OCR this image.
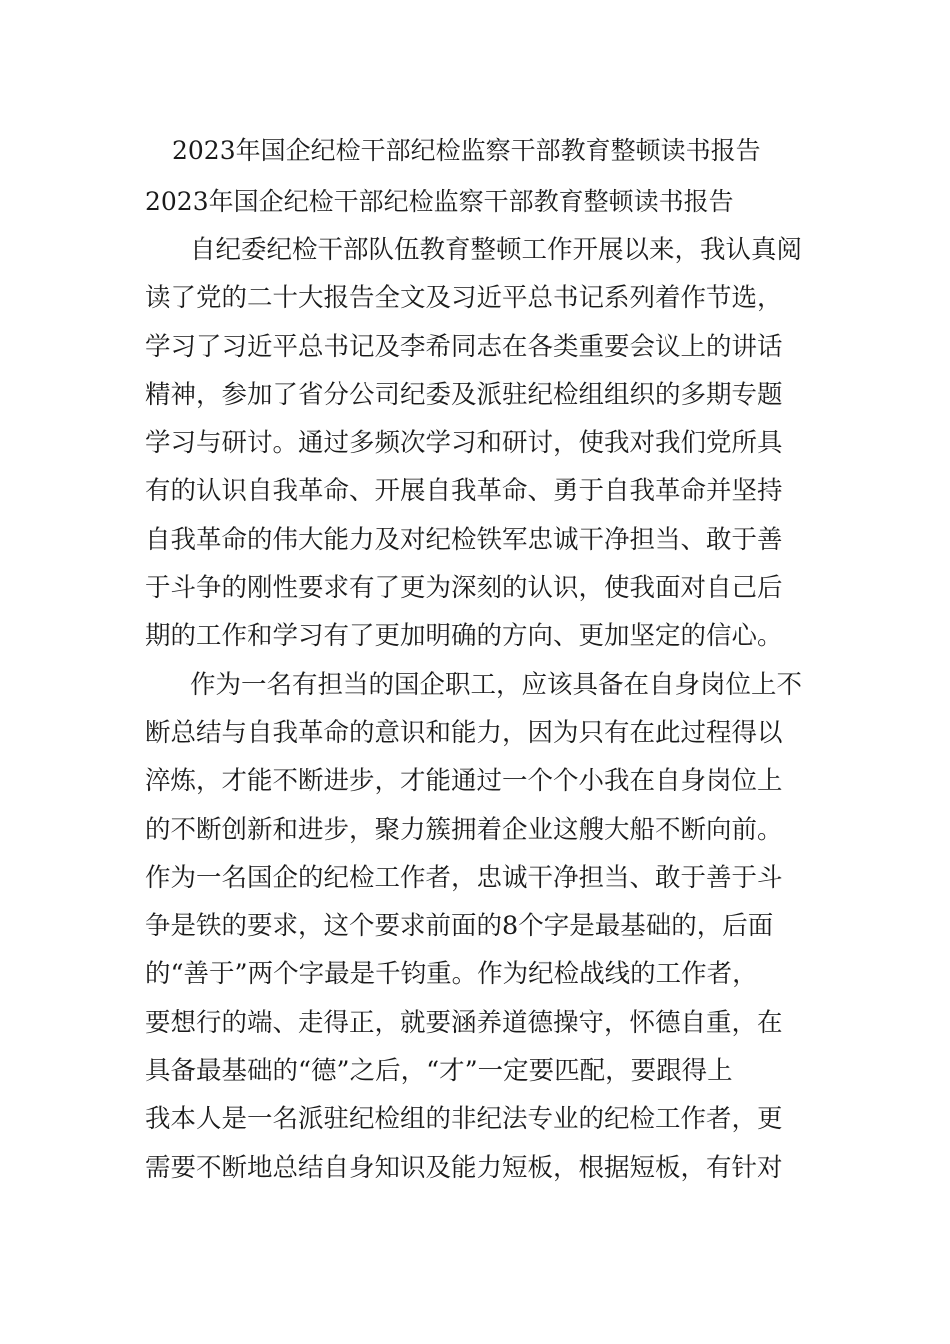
2023年国企纪检干部纪检监察干部教育整顿读书报告
2023年国企纪检干部纪检监察干部教育整顿读书报告
自纪委纪检干部队伍教育整顿工作开展以来，我认真阅
读了党的二十大报告全文及习近平总书记系列着作节选，
学习了习近平总书记及李希同志在各类重要会议上的讲话
精神，参加了省分公司纪委及派驻纪检组组织的多期专题
学习与研讨。通过多频次学习和研讨，使我对我们党所具
有的认识自我革命、开展自我革命、勇于自我革命并坚持
自我革命的伟大能力及对纪检铁军忠诚干净担当、敢于善
于斗争的刚性要求有了更为深刻的认识，使我面对自己后
期的工作和学习有了更加明确的方向、更加坚定的信心。
作为一名有担当的国企职工，应该具备在自身岗位上不
断总结与自我革命的意识和能力，因为只有在此过程得以
淬炼，才能不断进步，才能通过一个个小我在自身岗位上
的不断创新和进步，聚力簇拥着企业这艘大船不断向前。
作为一名国企的纪检工作者，忠诚干净担当、敢于善于斗
争是铁的要求，这个要求前面的8个字是最基础的，后面
的“善于”两个字最是千钧重。作为纪检战线的工作者，
要想行的端、走得正，就要涵养道德操守，怀德自重，在
具备最基础的“德”之后，“才”一定要匹配，要跟得上
我本人是一名派驻纪检组的非纪法专业的纪检工作者，更
需要不断地总结自身知识及能力短板，根据短板，有针对
